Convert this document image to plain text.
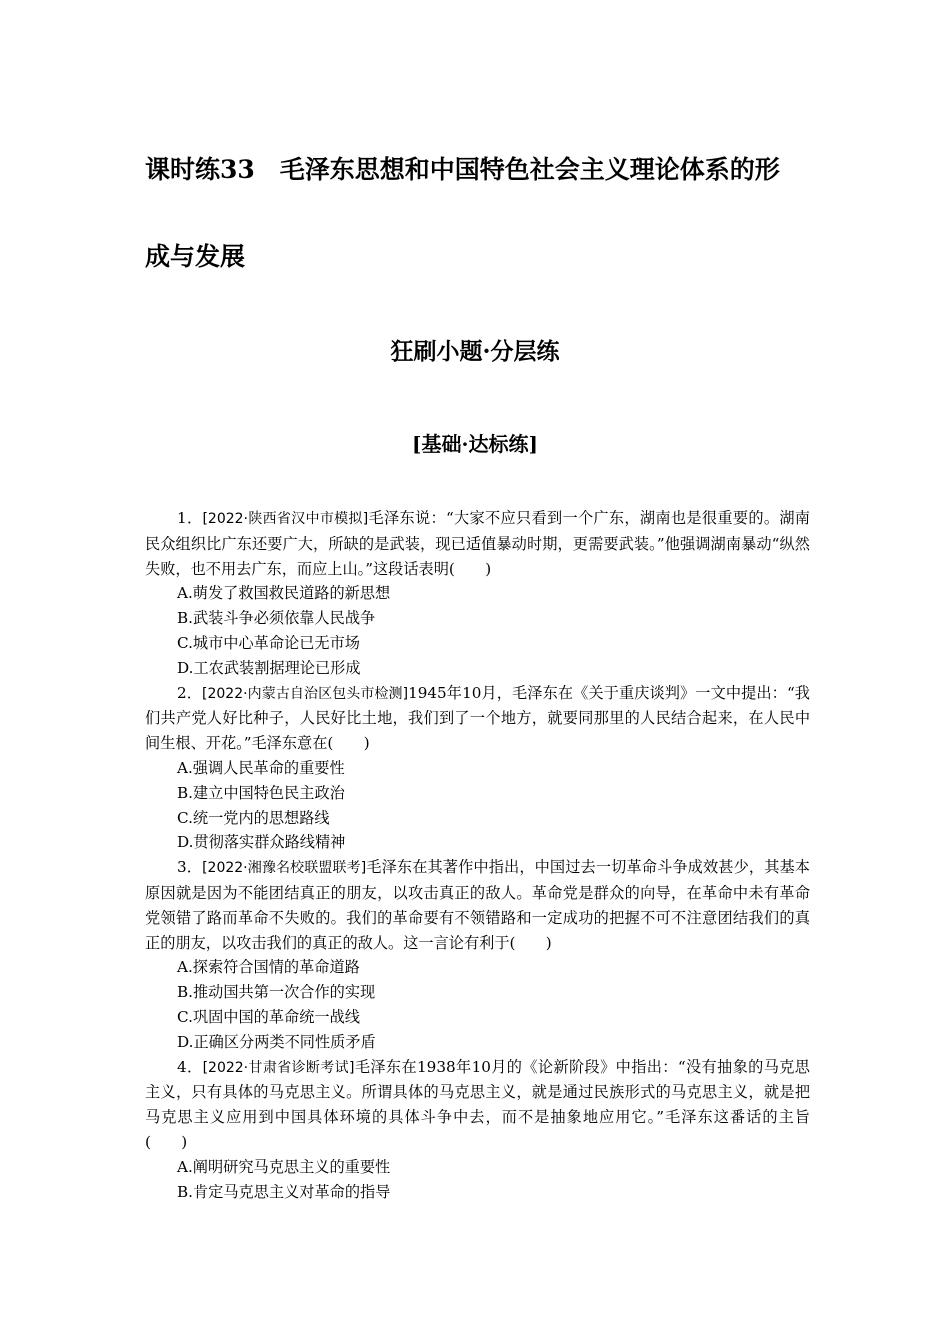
课时练33　毛泽东思想和中国特色社会主义理论体系的形
成与发展
狂刷小题·分层练
[基础·达标练]

1．[2022·陕西省汉中市模拟]毛泽东说：“大家不应只看到一个广东，湖南也是很重要的。湖南民众组织比广东还要广大，所缺的是武装，现已适值暴动时期，更需要武装。”他强调湖南暴动“纵然失败，也不用去广东，而应上山。”这段话表明(　　)

A.萌发了救国救民道路的新思想

B.武装斗争必须依靠人民战争

C.城市中心革命论已无市场

D.工农武装割据理论已形成

2．[2022·内蒙古自治区包头市检测]1945年10月，毛泽东在《关于重庆谈判》一文中提出：“我们共产党人好比种子，人民好比土地，我们到了一个地方，就要同那里的人民结合起来，在人民中间生根、开花。”毛泽东意在(　　)

A.强调人民革命的重要性

B.建立中国特色民主政治

C.统一党内的思想路线

D.贯彻落实群众路线精神

3．[2022·湘豫名校联盟联考]毛泽东在其著作中指出，中国过去一切革命斗争成效甚少，其基本原因就是因为不能团结真正的朋友，以攻击真正的敌人。革命党是群众的向导，在革命中未有革命党领错了路而革命不失败的。我们的革命要有不领错路和一定成功的把握不可不注意团结我们的真正的朋友，以攻击我们的真正的敌人。这一言论有利于(　　)

A.探索符合国情的革命道路

B.推动国共第一次合作的实现

C.巩固中国的革命统一战线

D.正确区分两类不同性质矛盾

4．[2022·甘肃省诊断考试]毛泽东在1938年10月的《论新阶段》中指出：“没有抽象的马克思主义，只有具体的马克思主义。所谓具体的马克思主义，就是通过民族形式的马克思主义，就是把马克思主义应用到中国具体环境的具体斗争中去，而不是抽象地应用它。”毛泽东这番话的主旨(　　)

A.阐明研究马克思主义的重要性

B.肯定马克思主义对革命的指导
